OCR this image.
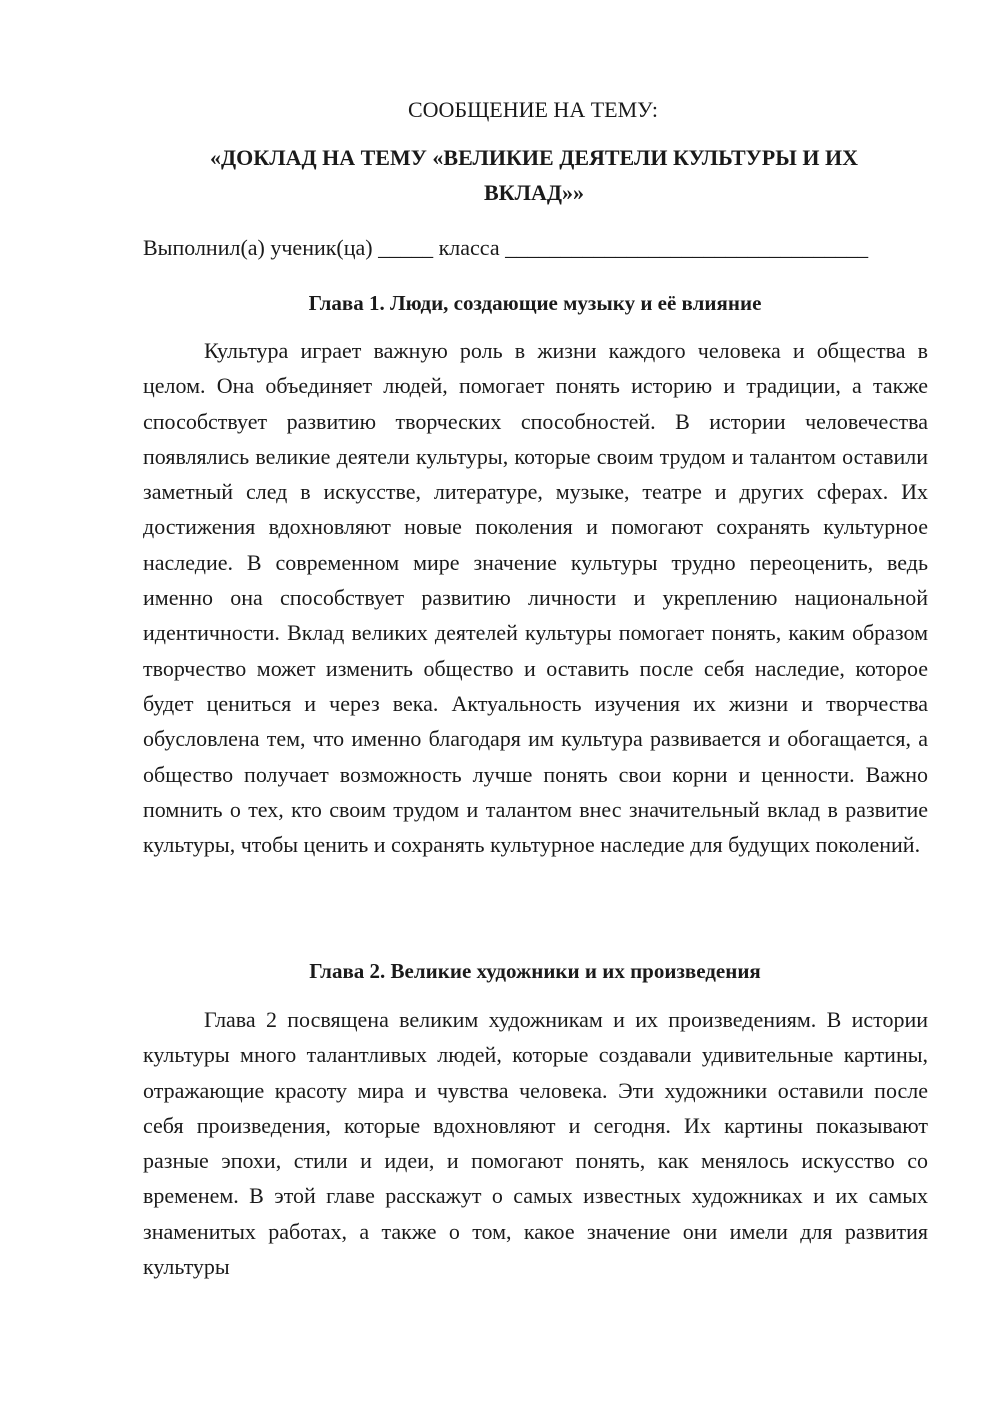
СООБЩЕНИЕ НА ТЕМУ:
«ДОКЛАД НА ТЕМУ «ВЕЛИКИЕ ДЕЯТЕЛИ КУЛЬТУРЫ И ИХ
ВКЛАД»»
Выполнил(а) ученик(ца) _____ класса _________________________________
Глава 1. Люди, создающие музыку и её влияние

Культура играет важную роль в жизни каждого человека и общества в целом. Она объединяет людей, помогает понять историю и традиции, а также способствует развитию творческих способностей. В истории человечества появлялись великие деятели культуры, которые своим трудом и талантом оставили заметный след в искусстве, литературе, музыке, театре и других сферах. Их достижения вдохновляют новые поколения и помогают сохранять культурное наследие. В современном мире значение культуры трудно переоценить, ведь именно она способствует развитию личности и укреплению национальной идентичности. Вклад великих деятелей культуры помогает понять, каким образом творчество может изменить общество и оставить после себя наследие, которое будет цениться и через века. Актуальность изучения их жизни и творчества обусловлена тем, что именно благодаря им культура развивается и обогащается, а общество получает возможность лучше понять свои корни и ценности. Важно помнить о тех, кто своим трудом и талантом внес значительный вклад в развитие культуры, чтобы ценить и сохранять культурное наследие для будущих поколений.

Глава 2. Великие художники и их произведения

Глава 2 посвящена великим художникам и их произведениям. В истории культуры много талантливых людей, которые создавали удивительные картины, отражающие красоту мира и чувства человека. Эти художники оставили после себя произведения, которые вдохновляют и сегодня. Их картины показывают разные эпохи, стили и идеи, и помогают понять, как менялось искусство со временем. В этой главе расскажут о самых известных художниках и их самых знаменитых работах, а также о том, какое значение они имели для развития культуры
